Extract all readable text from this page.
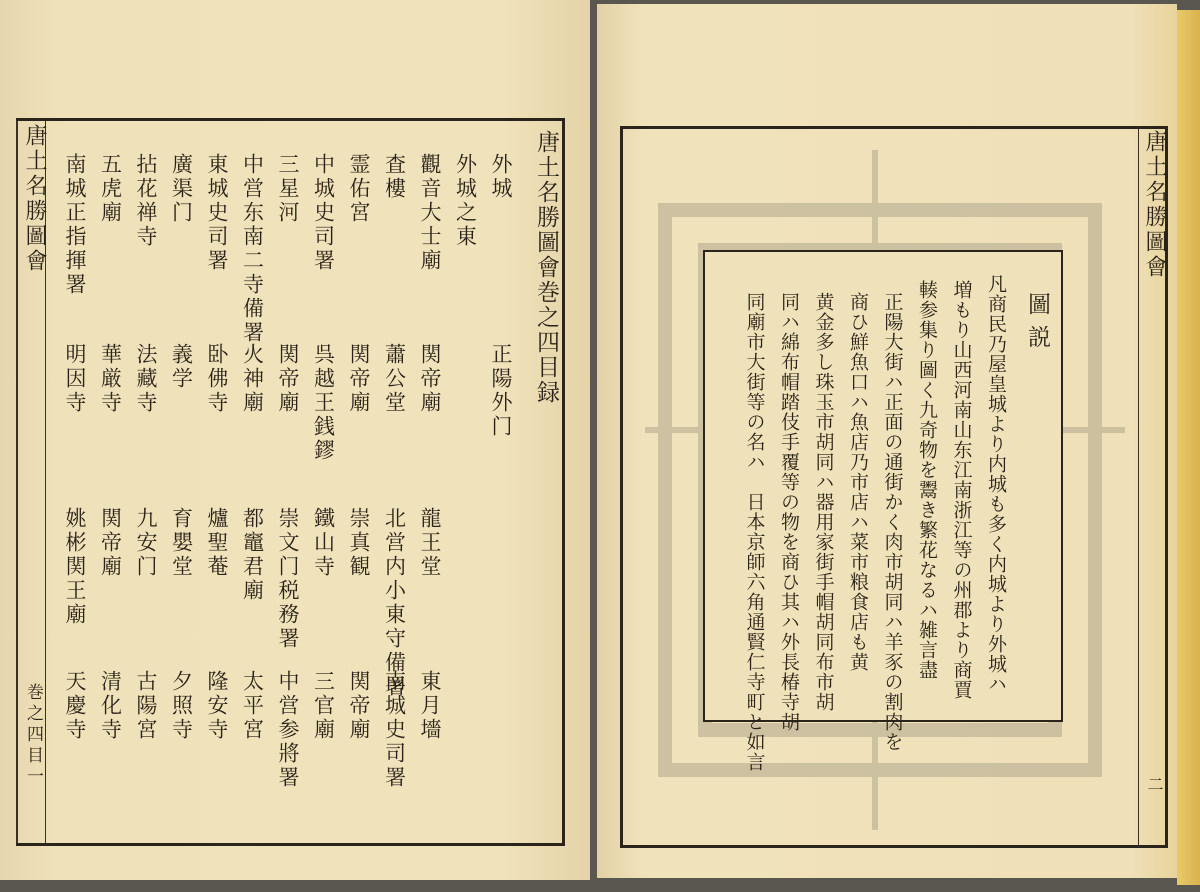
唐土名勝圖會
巻之四目一
唐土名勝圖會巻之四目録
外城
正陽外门
外城之東
觀音大士廟
関帝廟
龍王堂
東月墻
査樓
蕭公堂
北営内小東守備署
南城史司署
霊佑宮
関帝廟
崇真観
関帝廟
中城史司署
呉越王銭鏐
鐵山寺
三官廟
三星河
関帝廟
崇文门税務署
中営参將署
中営东南二寺備署
火神廟
都竈君廟
太平宮
東城史司署
卧佛寺
爐聖菴
隆安寺
廣渠门
義学
育嬰堂
夕照寺
拈花禅寺
法藏寺
九安门
古陽宮
五虎廟
華厳寺
関帝廟
清化寺
南城正指揮署
明因寺
姚彬関王廟
天慶寺
唐土名勝圖會
二
圖説
凡商民乃屋皇城より内城も多く内城より外城ハ
増もり山西河南山东江南浙江等の州郡より商賈
輳参集り圖く九奇物を鬻き繁花なるハ雑言盡
正陽大街ハ正面の通街かく肉市胡同ハ羊豕の割肉を
商ひ鮮魚口ハ魚店乃市店ハ菜市粮食店も黄
黄金多し珠玉市胡同ハ器用家街手帽胡同布市胡
同ハ綿布帽踏伎手覆等の物を商ひ其ハ外長椿寺胡
同廟市大街等の名ハ　日本京師六角通賢仁寺町と如言
